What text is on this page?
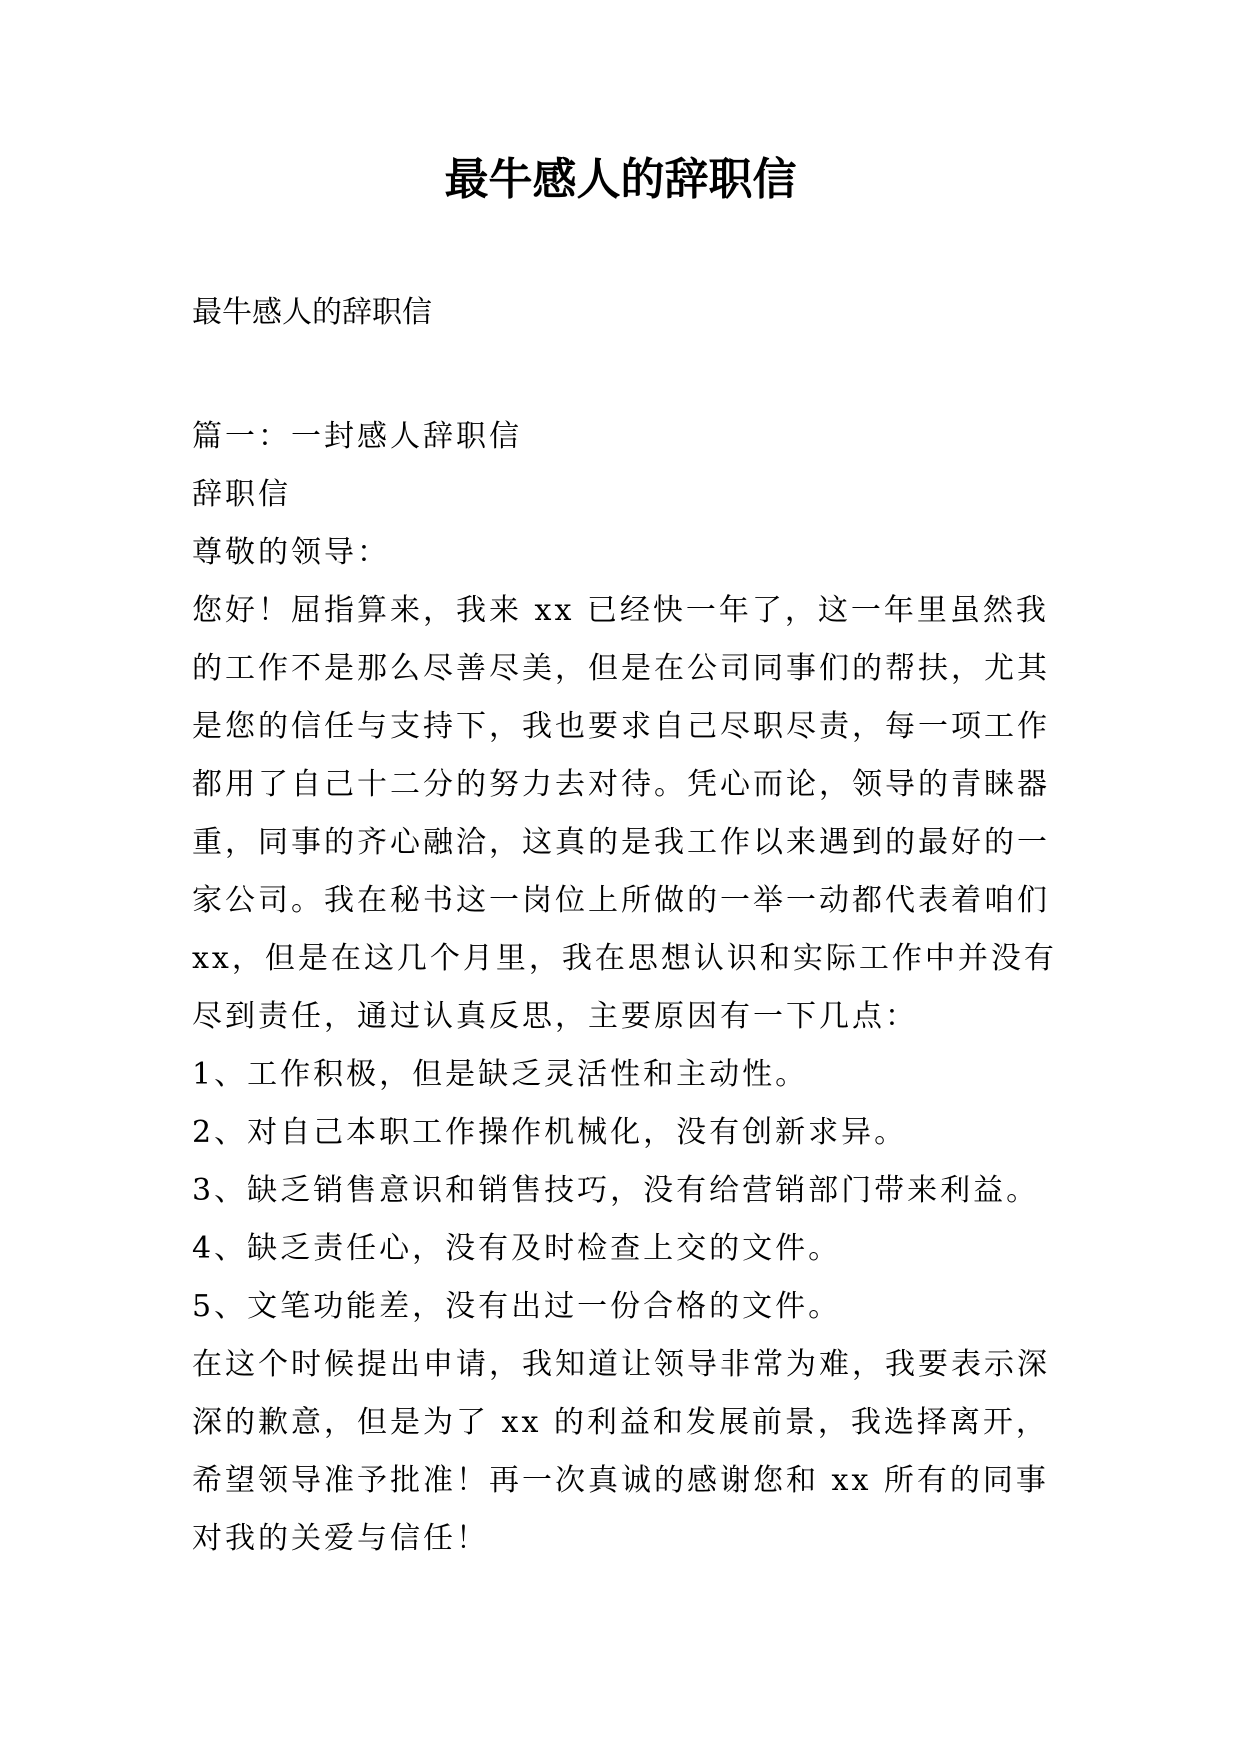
最牛感人的辞职信

最牛感人的辞职信

篇一：一封感人辞职信
辞职信
尊敬的领导：
您好！屈指算来，我来 xx 已经快一年了，这一年里虽然我
的工作不是那么尽善尽美，但是在公司同事们的帮扶，尤其
是您的信任与支持下，我也要求自己尽职尽责，每一项工作
都用了自己十二分的努力去对待。凭心而论，领导的青睐器
重，同事的齐心融洽，这真的是我工作以来遇到的最好的一
家公司。我在秘书这一岗位上所做的一举一动都代表着咱们
xx，但是在这几个月里，我在思想认识和实际工作中并没有
尽到责任，通过认真反思，主要原因有一下几点：
1、工作积极，但是缺乏灵活性和主动性。
2、对自己本职工作操作机械化，没有创新求异。
3、缺乏销售意识和销售技巧，没有给营销部门带来利益。
4、缺乏责任心，没有及时检查上交的文件。
5、文笔功能差，没有出过一份合格的文件。
在这个时候提出申请，我知道让领导非常为难，我要表示深
深的歉意，但是为了 xx 的利益和发展前景，我选择离开，
希望领导准予批准！再一次真诚的感谢您和 xx 所有的同事
对我的关爱与信任！
